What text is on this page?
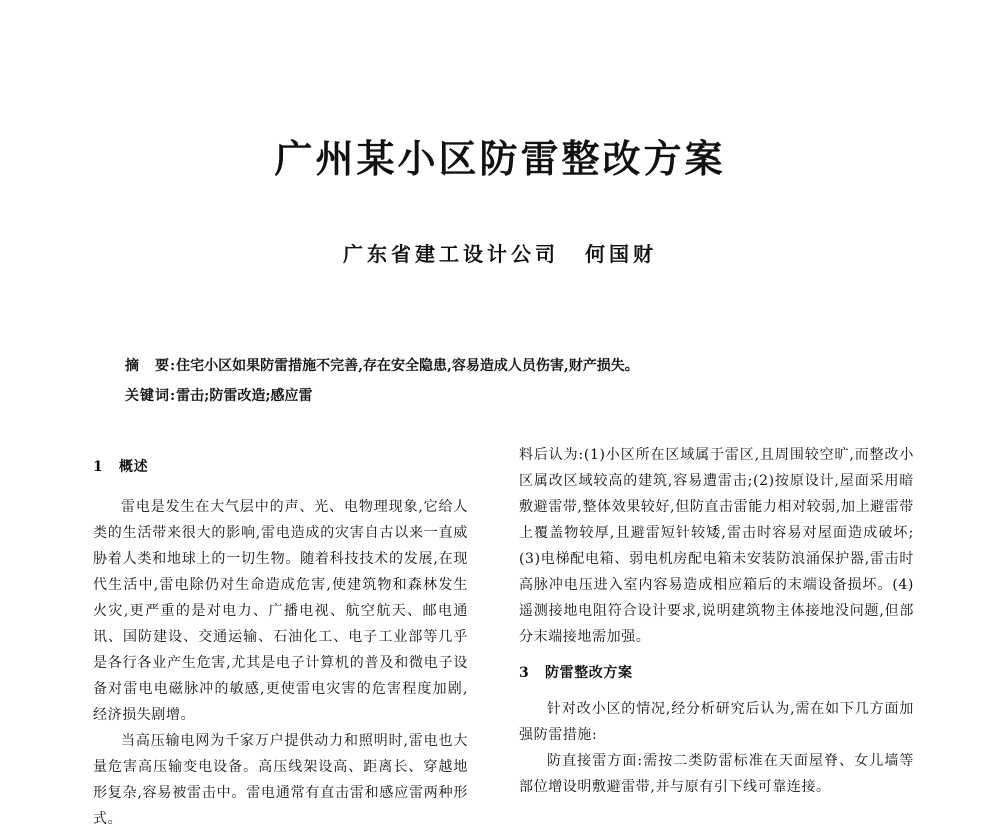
广州某小区防雷整改方案
广东省建工设计公司 何国财
摘　要:住宅小区如果防雷措施不完善,存在安全隐患,容易造成人员伤害,财产损失。
关键词:雷击;防雷改造;感应雷

1 概述

雷电是发生在大气层中的声、光、电物理现象,它给人类的生活带来很大的影响,雷电造成的灾害自古以来一直威胁着人类和地球上的一切生物。随着科技技术的发展,在现代生活中,雷电除仍对生命造成危害,使建筑物和森林发生火灾,更严重的是对电力、广播电视、航空航天、邮电通讯、国防建设、交通运输、石油化工、电子工业部等几乎是各行各业产生危害,尤其是电子计算机的普及和微电子设备对雷电电磁脉冲的敏感,更使雷电灾害的危害程度加剧,经济损失剧增。

当高压输电网为千家万户提供动力和照明时,雷电也大量危害高压输变电设备。高压线架设高、距离长、穿越地形复杂,容易被雷击中。雷电通常有直击雷和感应雷两种形式。

料后认为:(1)小区所在区域属于雷区,且周围较空旷,而整改小区属改区域较高的建筑,容易遭雷击;(2)按原设计,屋面采用暗敷避雷带,整体效果较好,但防直击雷能力相对较弱,加上避雷带上覆盖物较厚,且避雷短针较矮,雷击时容易对屋面造成破坏;(3)电梯配电箱、弱电机房配电箱未安装防浪涌保护器,雷击时高脉冲电压进入室内容易造成相应箱后的末端设备损坏。(4)遥测接地电阻符合设计要求,说明建筑物主体接地没问题,但部分末端接地需加强。

3 防雷整改方案

针对改小区的情况,经分析研究后认为,需在如下几方面加强防雷措施:

防直接雷方面:需按二类防雷标准在天面屋脊、女儿墙等部位增设明敷避雷带,并与原有引下线可靠连接。
